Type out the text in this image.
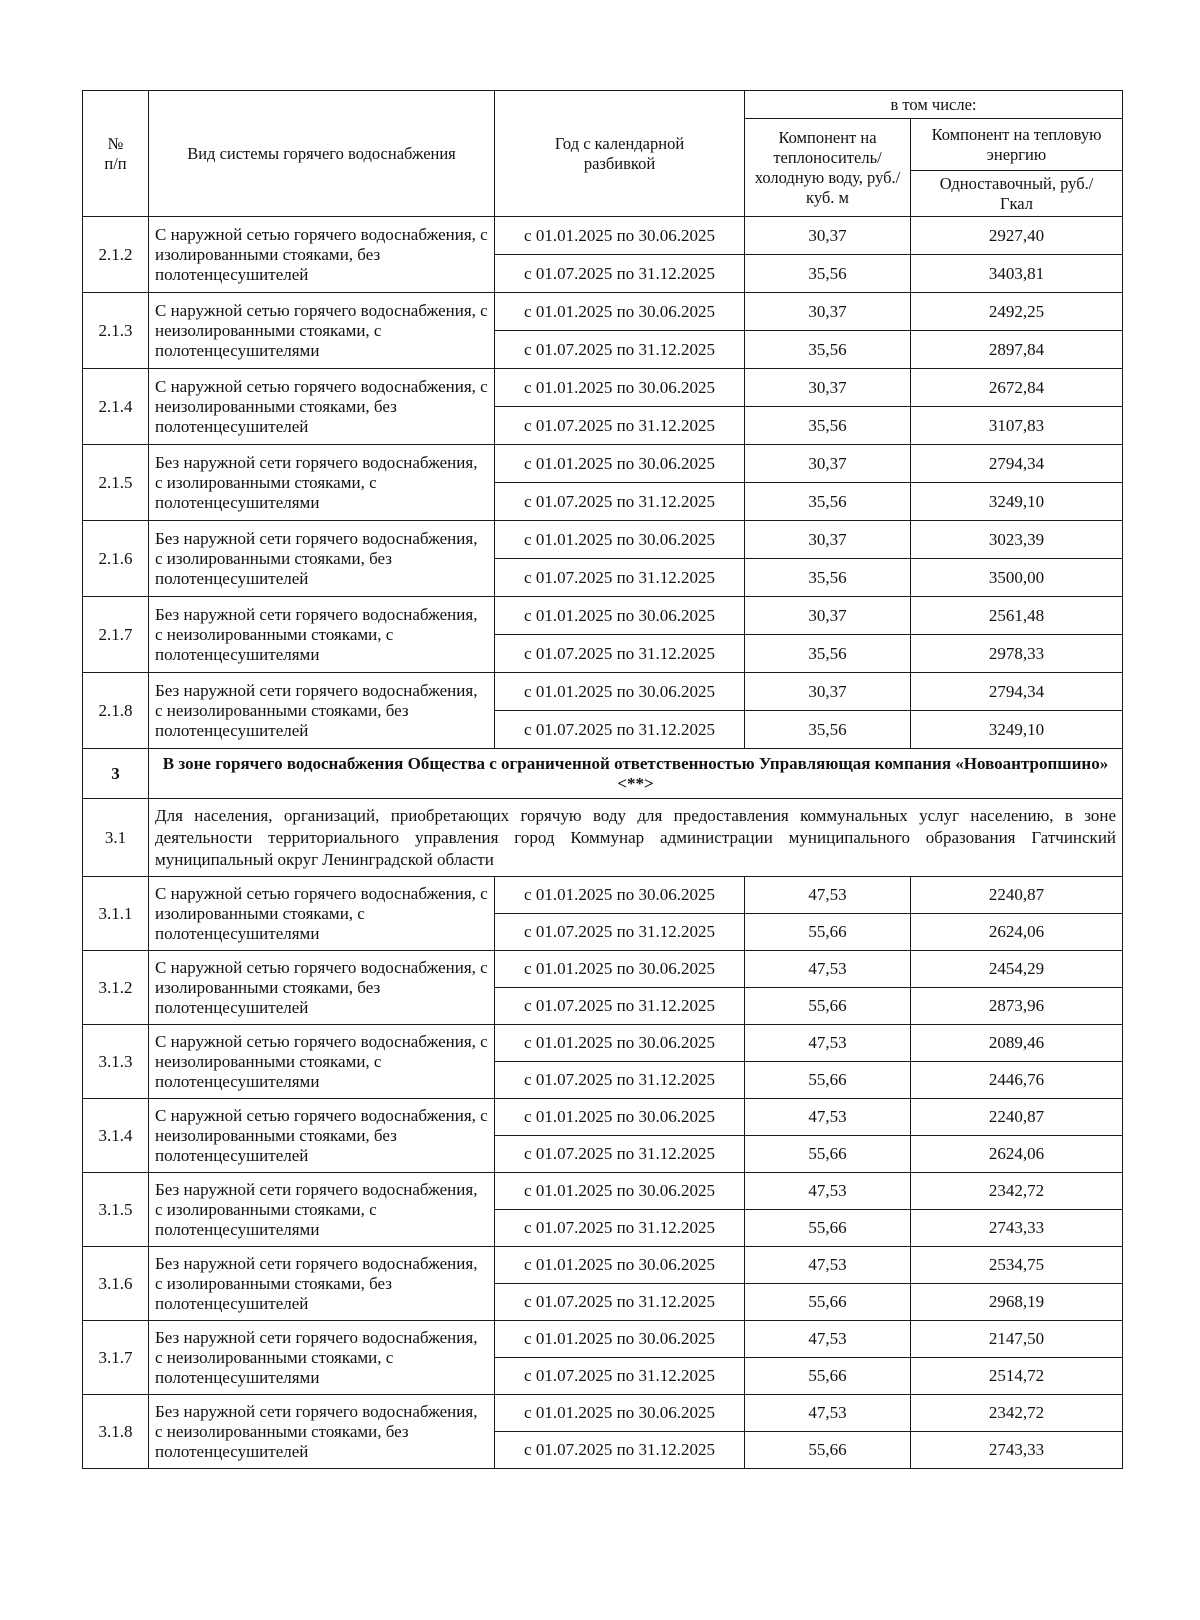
№
п/п	Вид системы горячего водоснабжения	Год с календарной разбивкой	в том числе:	
			Компонент на теплоноситель/ холодную воду, руб./куб. м	Компонент на тепловую энергию
				Одноставочный, руб./Гкал
2.1.2	С наружной сетью горячего водоснабжения, с изолированными стояками, без полотенцесушителей	с 01.01.2025 по 30.06.2025	30,37	2927,40
		с 01.07.2025 по 31.12.2025	35,56	3403,81
2.1.3	С наружной сетью горячего водоснабжения, с неизолированными стояками, с полотенцесушителями	с 01.01.2025 по 30.06.2025	30,37	2492,25
		с 01.07.2025 по 31.12.2025	35,56	2897,84
2.1.4	С наружной сетью горячего водоснабжения, с неизолированными стояками, без полотенцесушителей	с 01.01.2025 по 30.06.2025	30,37	2672,84
		с 01.07.2025 по 31.12.2025	35,56	3107,83
2.1.5	Без наружной сети горячего водоснабжения, с изолированными стояками, с полотенцесушителями	с 01.01.2025 по 30.06.2025	30,37	2794,34
		с 01.07.2025 по 31.12.2025	35,56	3249,10
2.1.6	Без наружной сети горячего водоснабжения, с изолированными стояками, без полотенцесушителей	с 01.01.2025 по 30.06.2025	30,37	3023,39
		с 01.07.2025 по 31.12.2025	35,56	3500,00
2.1.7	Без наружной сети горячего водоснабжения, с неизолированными стояками, с полотенцесушителями	с 01.01.2025 по 30.06.2025	30,37	2561,48
		с 01.07.2025 по 31.12.2025	35,56	2978,33
2.1.8	Без наружной сети горячего водоснабжения, с неизолированными стояками, без полотенцесушителей	с 01.01.2025 по 30.06.2025	30,37	2794,34
		с 01.07.2025 по 31.12.2025	35,56	3249,10
3	В зоне горячего водоснабжения Общества с ограниченной ответственностью Управляющая компания «Новоантропшино» <**>			
3.1	Для населения, организаций, приобретающих горячую воду для предоставления коммунальных услуг населению, в зоне деятельности территориального управления город Коммунар администрации муниципального образования Гатчинский муниципальный округ Ленинградской области			
3.1.1	С наружной сетью горячего водоснабжения, с изолированными стояками, с полотенцесушителями	с 01.01.2025 по 30.06.2025	47,53	2240,87
		с 01.07.2025 по 31.12.2025	55,66	2624,06
3.1.2	С наружной сетью горячего водоснабжения, с изолированными стояками, без полотенцесушителей	с 01.01.2025 по 30.06.2025	47,53	2454,29
		с 01.07.2025 по 31.12.2025	55,66	2873,96
3.1.3	С наружной сетью горячего водоснабжения, с неизолированными стояками, с полотенцесушителями	с 01.01.2025 по 30.06.2025	47,53	2089,46
		с 01.07.2025 по 31.12.2025	55,66	2446,76
3.1.4	С наружной сетью горячего водоснабжения, с неизолированными стояками, без полотенцесушителей	с 01.01.2025 по 30.06.2025	47,53	2240,87
		с 01.07.2025 по 31.12.2025	55,66	2624,06
3.1.5	Без наружной сети горячего водоснабжения, с изолированными стояками, с полотенцесушителями	с 01.01.2025 по 30.06.2025	47,53	2342,72
		с 01.07.2025 по 31.12.2025	55,66	2743,33
3.1.6	Без наружной сети горячего водоснабжения, с изолированными стояками, без полотенцесушителей	с 01.01.2025 по 30.06.2025	47,53	2534,75
		с 01.07.2025 по 31.12.2025	55,66	2968,19
3.1.7	Без наружной сети горячего водоснабжения, с неизолированными стояками, с полотенцесушителями	с 01.01.2025 по 30.06.2025	47,53	2147,50
		с 01.07.2025 по 31.12.2025	55,66	2514,72
3.1.8	Без наружной сети горячего водоснабжения, с неизолированными стояками, без полотенцесушителей	с 01.01.2025 по 30.06.2025	47,53	2342,72
		с 01.07.2025 по 31.12.2025	55,66	2743,33
